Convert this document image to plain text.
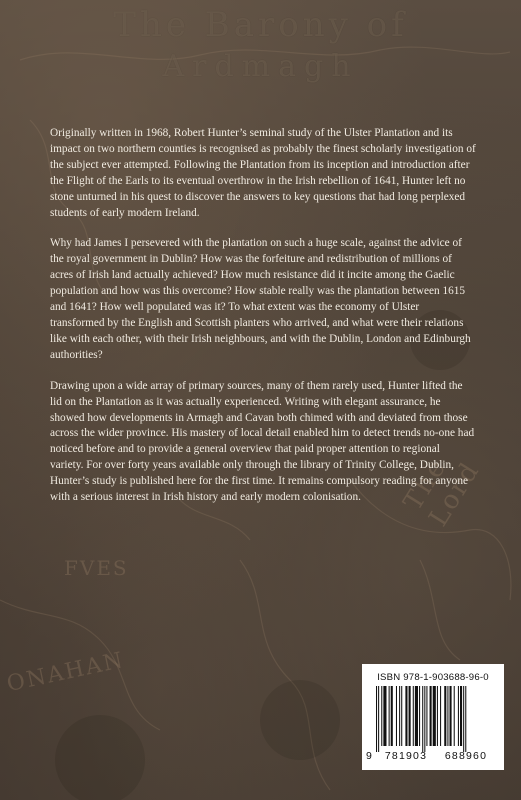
The Barony of
Ardmagh
FVES
The Lord
ONAHAN

Originally written in 1968, Robert Hunter’s seminal study of the Ulster Plantation and its impact on two northern counties is recognised as probably the finest scholarly investigation of the subject ever attempted. Following the Plantation from its inception and introduction after the Flight of the Earls to its eventual overthrow in the Irish rebellion of 1641, Hunter left no stone unturned in his quest to discover the answers to key questions that had long perplexed students of early modern Ireland.

Why had James I persevered with the plantation on such a huge scale, against the advice of the royal government in Dublin? How was the forfeiture and redistribution of millions of acres of Irish land actually achieved? How much resistance did it incite among the Gaelic population and how was this overcome? How stable really was the plantation between 1615 and 1641? How well populated was it? To what extent was the economy of Ulster transformed by the English and Scottish planters who arrived, and what were their relations like with each other, with their Irish neighbours, and with the Dublin, London and Edinburgh authorities?

Drawing upon a wide array of primary sources, many of them rarely used, Hunter lifted the lid on the Plantation as it was actually experienced. Writing with elegant assurance, he showed how developments in Armagh and Cavan both chimed with and deviated from those across the wider province. His mastery of local detail enabled him to detect trends no-one had noticed before and to provide a general overview that paid proper attention to regional variety. For over forty years available only through the library of Trinity College, Dublin, Hunter’s study is published here for the first time. It remains compulsory reading for anyone with a serious interest in Irish history and early modern colonisation.

ISBN 978-1-903688-96-0
9	781903	688960
